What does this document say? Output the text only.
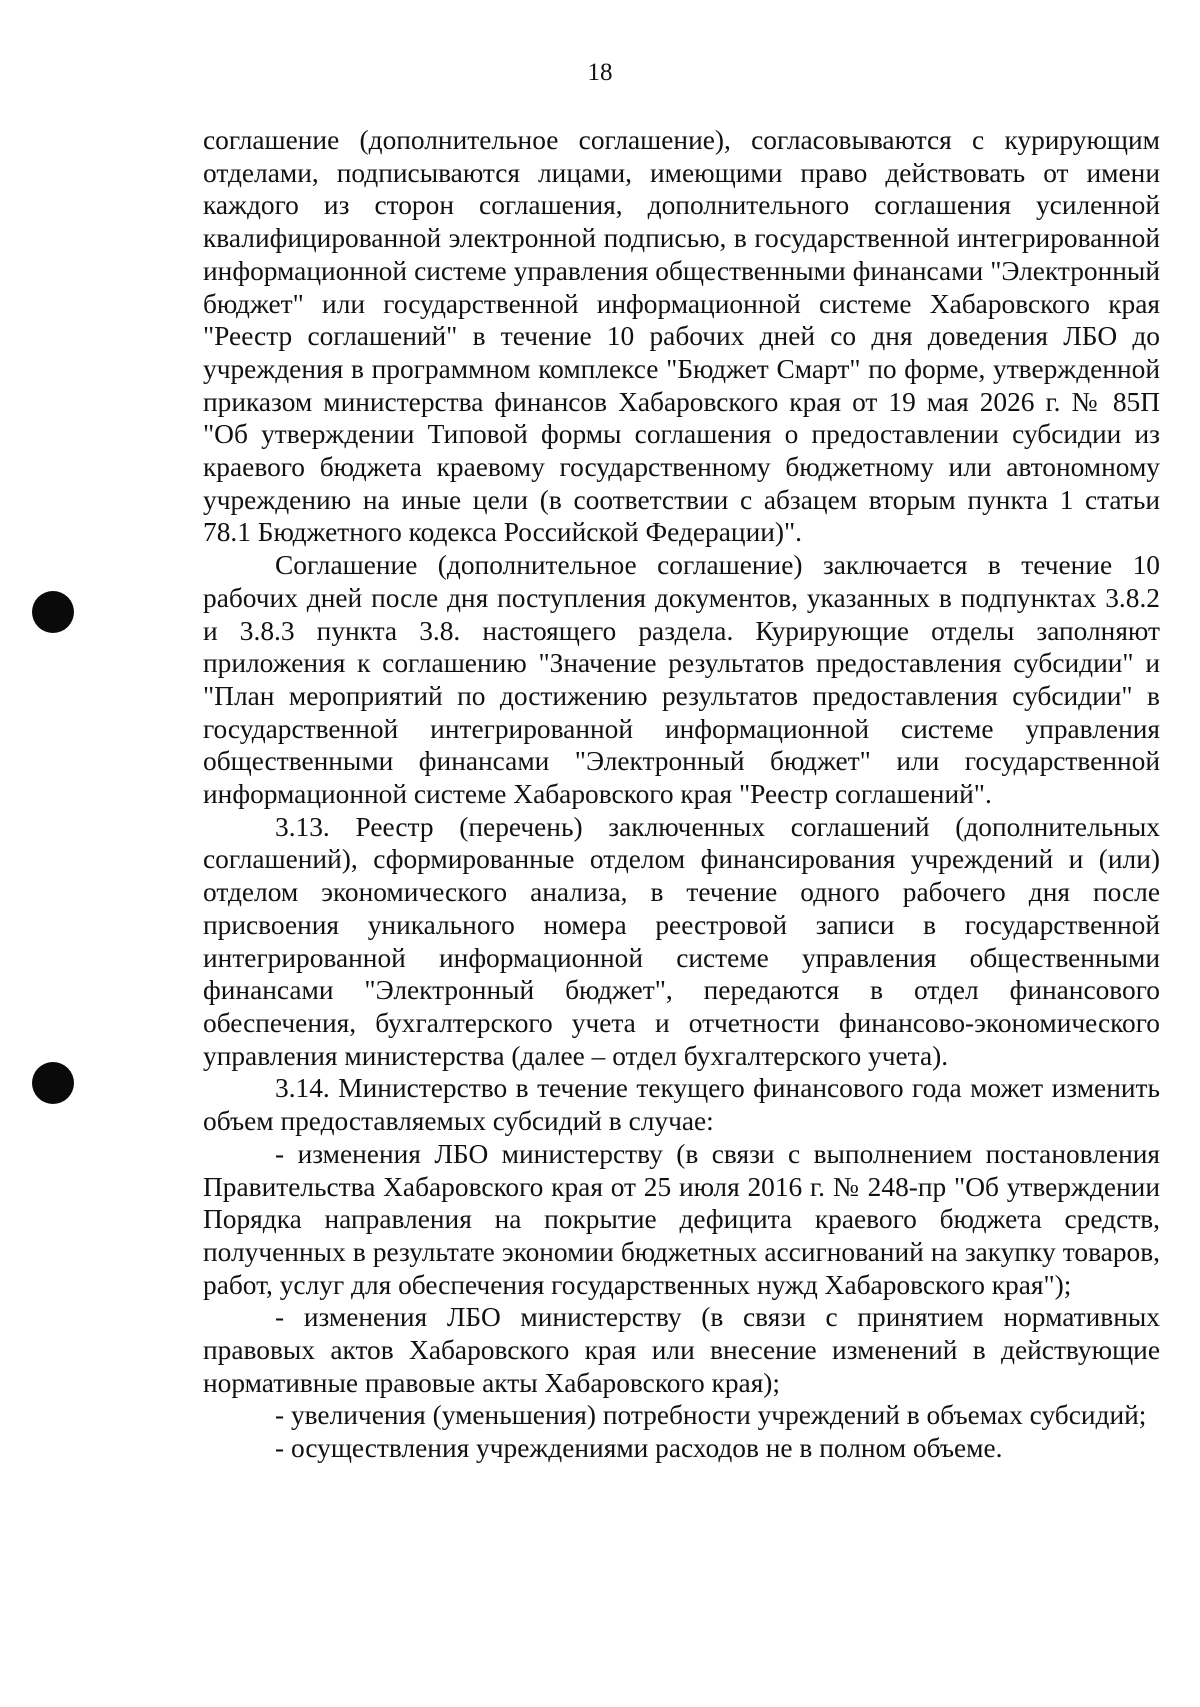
18

соглашение (дополнительное соглашение), согласовываются с курирующим отделами, подписываются лицами, имеющими право действовать от имени каждого из сторон соглашения, дополнительного соглашения усиленной квалифицированной электронной подписью, в государственной интегрированной информационной системе управления общественными финансами "Электронный бюджет" или государственной информационной системе Хабаровского края "Реестр соглашений" в течение 10 рабочих дней со дня доведения ЛБО до учреждения в программном комплексе "Бюджет Смарт" по форме, утвержденной приказом министерства финансов Хабаровского края от 19 мая 2026 г. № 85П "Об утверждении Типовой формы соглашения о предоставлении субсидии из краевого бюджета краевому государственному бюджетному или автономному учреждению на иные цели (в соответствии с абзацем вторым пункта 1 статьи 78.1 Бюджетного кодекса Российской Федерации)".

Соглашение (дополнительное соглашение) заключается в течение 10 рабочих дней после дня поступления документов, указанных в подпунктах 3.8.2 и 3.8.3 пункта 3.8. настоящего раздела. Курирующие отделы заполняют приложения к соглашению "Значение результатов предоставления субсидии" и "План мероприятий по достижению результатов предоставления субсидии" в государственной интегрированной информационной системе управления общественными финансами "Электронный бюджет" или государственной информационной системе Хабаровского края "Реестр соглашений".

3.13. Реестр (перечень) заключенных соглашений (дополнительных соглашений), сформированные отделом финансирования учреждений и (или) отделом экономического анализа, в течение одного рабочего дня после присвоения уникального номера реестровой записи в государственной интегрированной информационной системе управления общественными финансами "Электронный бюджет", передаются в отдел финансового обеспечения, бухгалтерского учета и отчетности финансово-экономического управления министерства (далее – отдел бухгалтерского учета).

3.14. Министерство в течение текущего финансового года может изменить объем предоставляемых субсидий в случае:

- изменения ЛБО министерству (в связи с выполнением постановления Правительства Хабаровского края от 25 июля 2016 г. № 248-пр "Об утверждении Порядка направления на покрытие дефицита краевого бюджета средств, полученных в результате экономии бюджетных ассигнований на закупку товаров, работ, услуг для обеспечения государственных нужд Хабаровского края");

- изменения ЛБО министерству (в связи с принятием нормативных правовых актов Хабаровского края или внесение изменений в действующие нормативные правовые акты Хабаровского края);

- увеличения (уменьшения) потребности учреждений в объемах субсидий;

- осуществления учреждениями расходов не в полном объеме.
